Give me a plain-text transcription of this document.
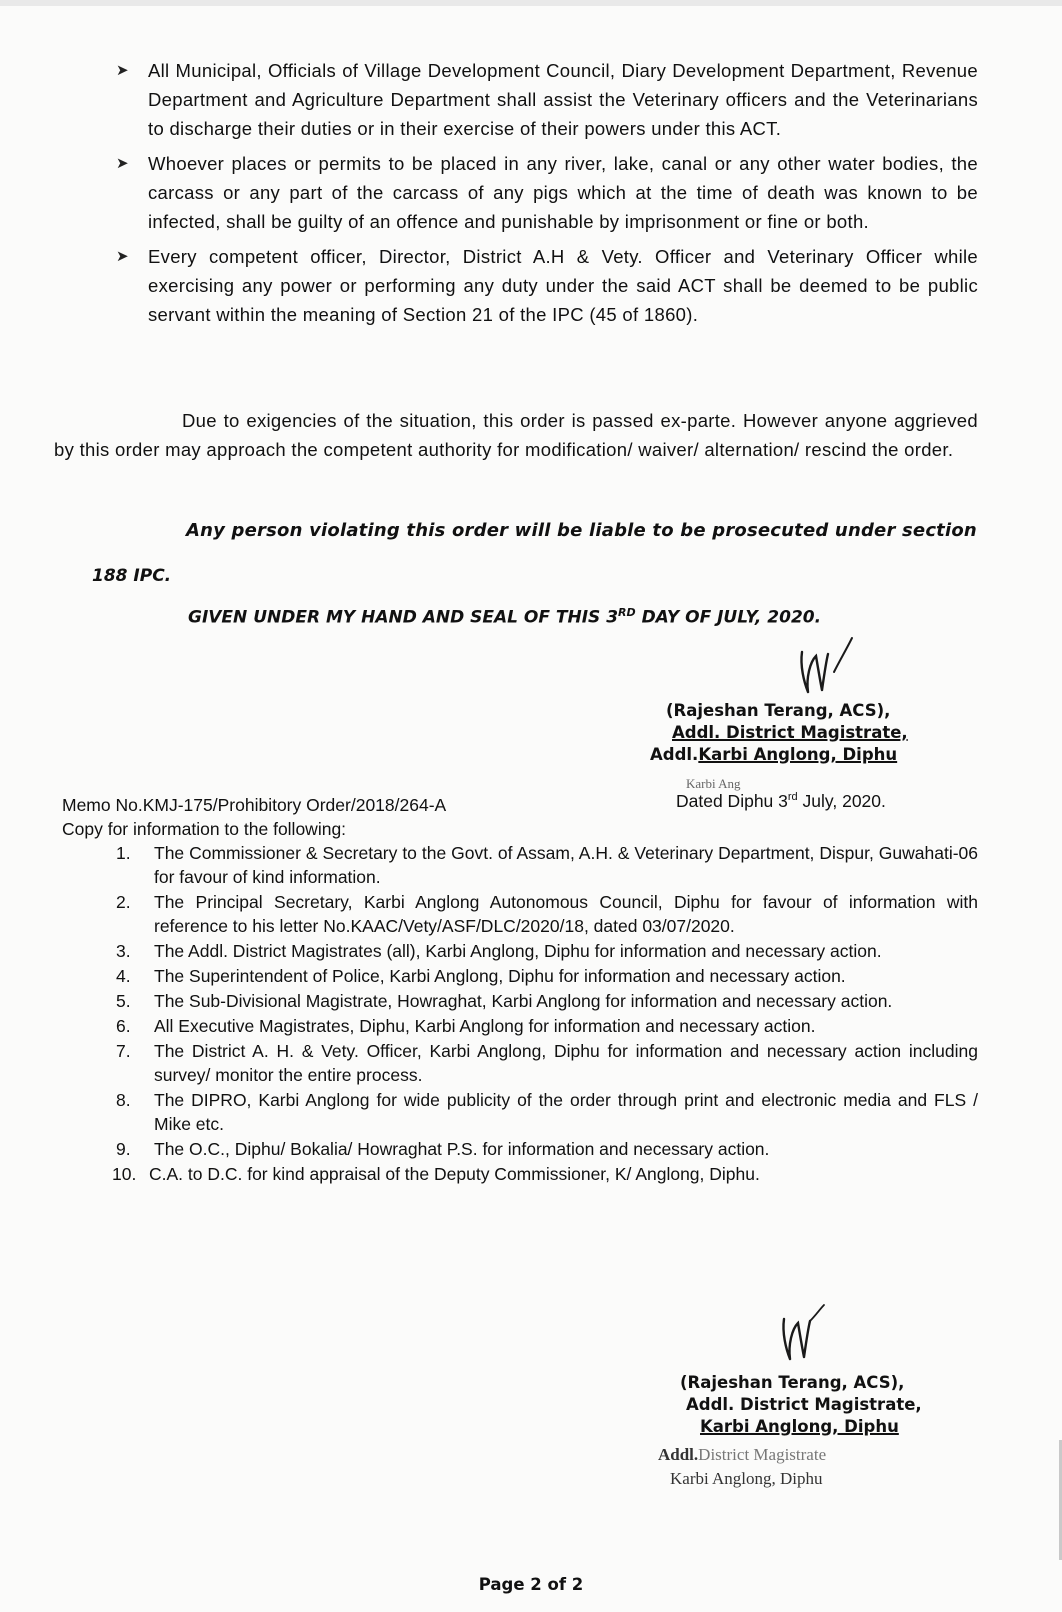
➤	All Municipal, Officials of Village Development Council, Diary Development Department, Revenue Department and Agriculture Department shall assist the Veterinary officers and the Veterinarians to discharge their duties or in their exercise of their powers under this ACT.
➤	Whoever places or permits to be placed in any river, lake, canal or any other water bodies, the carcass or any part of the carcass of any pigs which at the time of death was known to be infected, shall be guilty of an offence and punishable by imprisonment or fine or both.
➤	Every competent officer, Director, District A.H & Vety. Officer and Veterinary Officer while exercising any power or performing any duty under the said ACT shall be deemed to be public servant within the meaning of Section 21 of the IPC (45 of 1860).
Due to exigencies of the situation, this order is passed ex-parte. However anyone aggrieved by this order may approach the competent authority for modification/ waiver/ alternation/ rescind the order.
Any person violating this order will be liable to be prosecuted under section
188 IPC.
GIVEN UNDER MY HAND AND SEAL OF THIS 3RD DAY OF JULY, 2020.
(Rajeshan Terang, ACS),
Addl. District Magistrate,
Addl.Karbi Anglong, Diphu
Karbi Ang
Memo No.KMJ-175/Prohibitory Order/2018/264-A	Dated Diphu 3rd July, 2020.
Copy for information to the following:
1.	The Commissioner & Secretary to the Govt. of Assam, A.H. & Veterinary Department, Dispur, Guwahati-06 for favour of kind information.
2.	The Principal Secretary, Karbi Anglong Autonomous Council, Diphu for favour of information with reference to his letter No.KAAC/Vety/ASF/DLC/2020/18, dated 03/07/2020.
3.	The Addl. District Magistrates (all), Karbi Anglong, Diphu for information and necessary action.
4.	The Superintendent of Police, Karbi Anglong, Diphu for information and necessary action.
5.	The Sub-Divisional Magistrate, Howraghat, Karbi Anglong for information and necessary action.
6.	All Executive Magistrates, Diphu, Karbi Anglong for information and necessary action.
7.	The District A. H. & Vety. Officer, Karbi Anglong, Diphu for information and necessary action including survey/ monitor the entire process.
8.	The DIPRO, Karbi Anglong for wide publicity of the order through print and electronic media and FLS / Mike etc.
9.	The O.C., Diphu/ Bokalia/ Howraghat P.S. for information and necessary action.
10. C.A. to D.C. for kind appraisal of the Deputy Commissioner, K/ Anglong, Diphu.
(Rajeshan Terang, ACS),
Addl. District Magistrate,
Karbi Anglong, Diphu
Addl.District Magistrate
Karbi Anglong, Diphu
Page 2 of 2
